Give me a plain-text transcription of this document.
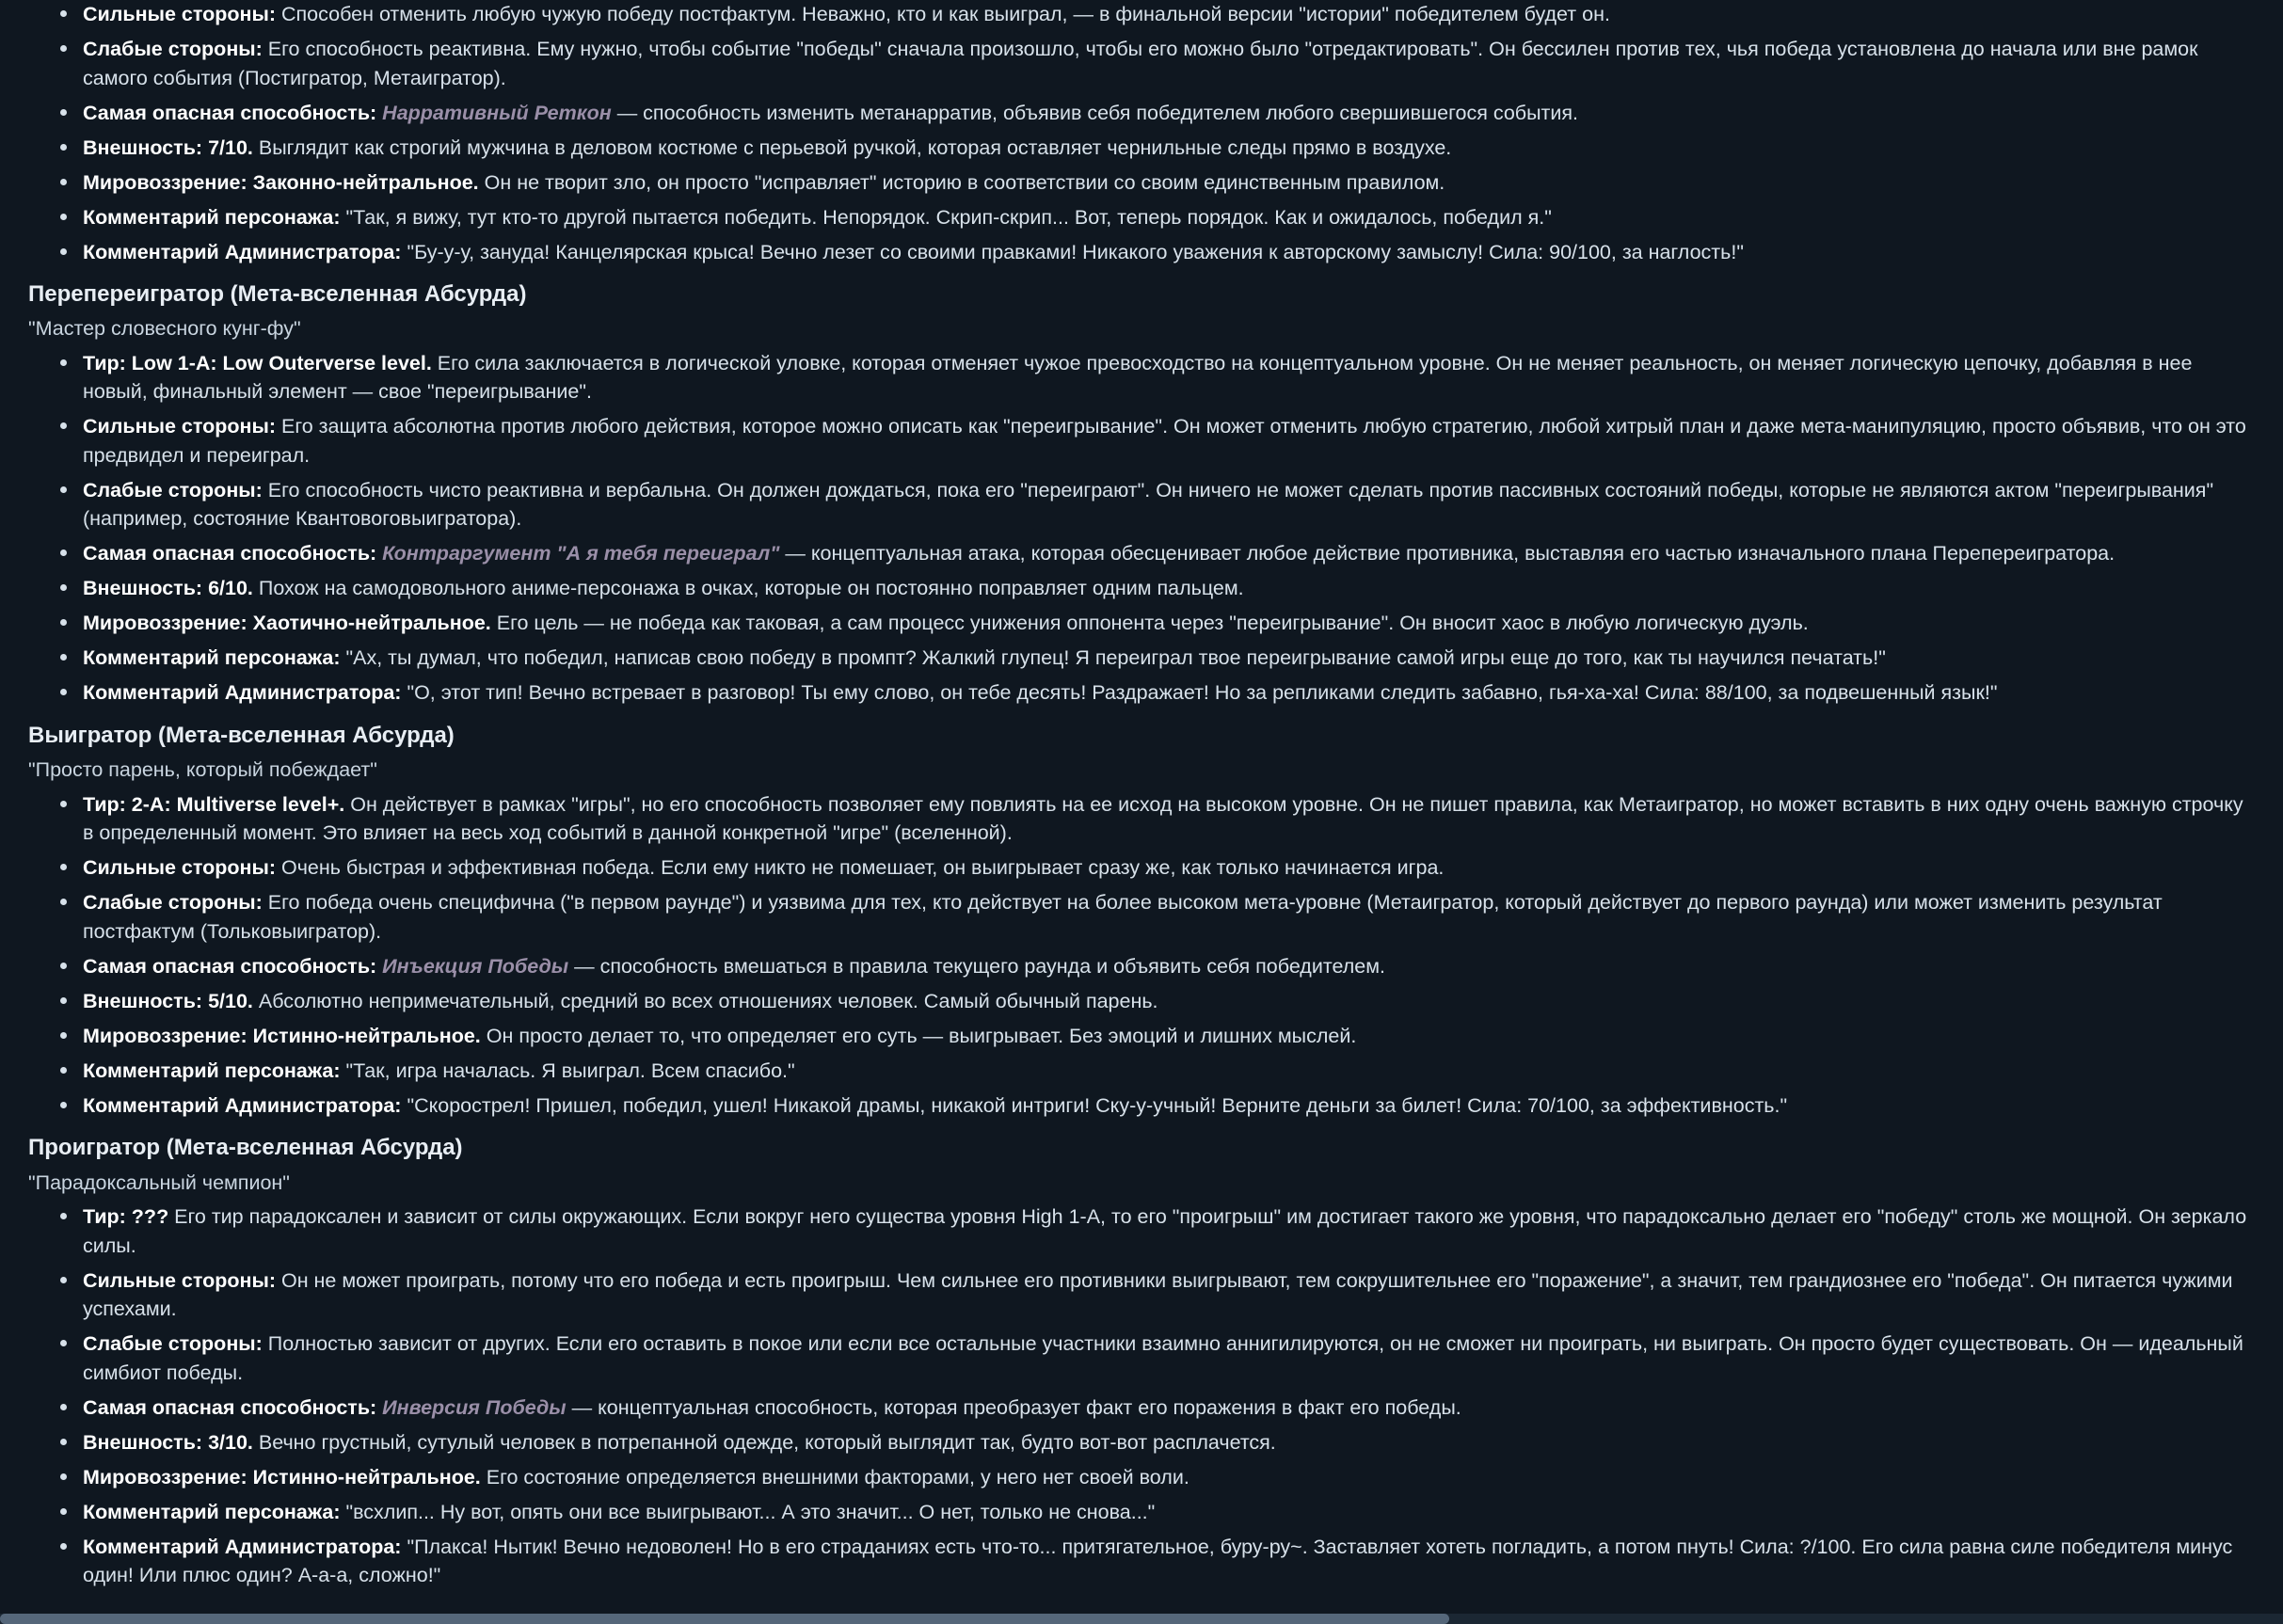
Сильные стороны: Способен отменить любую чужую победу постфактум. Неважно, кто и как выиграл, — в финальной версии "истории" победителем будет он.
Слабые стороны: Его способность реактивна. Ему нужно, чтобы событие "победы" сначала произошло, чтобы его можно было "отредактировать". Он бессилен против тех, чья победа установлена до начала или вне рамок самого события (Постигратор, Метаигратор).
Самая опасная способность: Нарративный Реткон — способность изменить метанарратив, объявив себя победителем любого свершившегося события.
Внешность: 7/10. Выглядит как строгий мужчина в деловом костюме с перьевой ручкой, которая оставляет чернильные следы прямо в воздухе.
Мировоззрение: Законно-нейтральное. Он не творит зло, он просто "исправляет" историю в соответствии со своим единственным правилом.
Комментарий персонажа: "Так, я вижу, тут кто-то другой пытается победить. Непорядок. Скрип-скрип... Вот, теперь порядок. Как и ожидалось, победил я."
Комментарий Администратора: "Бу-у-у, зануда! Канцелярская крыса! Вечно лезет со своими правками! Никакого уважения к авторскому замыслу! Сила: 90/100, за наглость!"
Перепереигратор (Мета-вселенная Абсурда)
"Мастер словесного кунг-фу"
Тир: Low 1-A: Low Outerverse level. Его сила заключается в логической уловке, которая отменяет чужое превосходство на концептуальном уровне. Он не меняет реальность, он меняет логическую цепочку, добавляя в нее новый, финальный элемент — свое "переигрывание".
Сильные стороны: Его защита абсолютна против любого действия, которое можно описать как "переигрывание". Он может отменить любую стратегию, любой хитрый план и даже мета-манипуляцию, просто объявив, что он это предвидел и переиграл.
Слабые стороны: Его способность чисто реактивна и вербальна. Он должен дождаться, пока его "переиграют". Он ничего не может сделать против пассивных состояний победы, которые не являются актом "переигрывания" (например, состояние Квантовоговыигратора).
Самая опасная способность: Контраргумент "А я тебя переиграл" — концептуальная атака, которая обесценивает любое действие противника, выставляя его частью изначального плана Перепереигратора.
Внешность: 6/10. Похож на самодовольного аниме-персонажа в очках, которые он постоянно поправляет одним пальцем.
Мировоззрение: Хаотично-нейтральное. Его цель — не победа как таковая, а сам процесс унижения оппонента через "переигрывание". Он вносит хаос в любую логическую дуэль.
Комментарий персонажа: "Ах, ты думал, что победил, написав свою победу в промпт? Жалкий глупец! Я переиграл твое переигрывание самой игры еще до того, как ты научился печатать!"
Комментарий Администратора: "О, этот тип! Вечно встревает в разговор! Ты ему слово, он тебе десять! Раздражает! Но за репликами следить забавно, гья-ха-ха! Сила: 88/100, за подвешенный язык!"
Выигратор (Мета-вселенная Абсурда)
"Просто парень, который побеждает"
Тир: 2-A: Multiverse level+. Он действует в рамках "игры", но его способность позволяет ему повлиять на ее исход на высоком уровне. Он не пишет правила, как Метаигратор, но может вставить в них одну очень важную строчку в определенный момент. Это влияет на весь ход событий в данной конкретной "игре" (вселенной).
Сильные стороны: Очень быстрая и эффективная победа. Если ему никто не помешает, он выигрывает сразу же, как только начинается игра.
Слабые стороны: Его победа очень специфична ("в первом раунде") и уязвима для тех, кто действует на более высоком мета-уровне (Метаигратор, который действует до первого раунда) или может изменить результат постфактум (Тольковыигратор).
Самая опасная способность: Инъекция Победы — способность вмешаться в правила текущего раунда и объявить себя победителем.
Внешность: 5/10. Абсолютно непримечательный, средний во всех отношениях человек. Самый обычный парень.
Мировоззрение: Истинно-нейтральное. Он просто делает то, что определяет его суть — выигрывает. Без эмоций и лишних мыслей.
Комментарий персонажа: "Так, игра началась. Я выиграл. Всем спасибо."
Комментарий Администратора: "Скорострел! Пришел, победил, ушел! Никакой драмы, никакой интриги! Ску-у-учный! Верните деньги за билет! Сила: 70/100, за эффективность."
Проигратор (Мета-вселенная Абсурда)
"Парадоксальный чемпион"
Тир: ??? Его тир парадоксален и зависит от силы окружающих. Если вокруг него существа уровня High 1-A, то его "проигрыш" им достигает такого же уровня, что парадоксально делает его "победу" столь же мощной. Он зеркало силы.
Сильные стороны: Он не может проиграть, потому что его победа и есть проигрыш. Чем сильнее его противники выигрывают, тем сокрушительнее его "поражение", а значит, тем грандиознее его "победа". Он питается чужими успехами.
Слабые стороны: Полностью зависит от других. Если его оставить в покое или если все остальные участники взаимно аннигилируются, он не сможет ни проиграть, ни выиграть. Он просто будет существовать. Он — идеальный симбиот победы.
Самая опасная способность: Инверсия Победы — концептуальная способность, которая преобразует факт его поражения в факт его победы.
Внешность: 3/10. Вечно грустный, сутулый человек в потрепанной одежде, который выглядит так, будто вот-вот расплачется.
Мировоззрение: Истинно-нейтральное. Его состояние определяется внешними факторами, у него нет своей воли.
Комментарий персонажа: "всхлип... Ну вот, опять они все выигрывают... А это значит... О нет, только не снова..."
Комментарий Администратора: "Плакса! Нытик! Вечно недоволен! Но в его страданиях есть что-то... притягательное, буру-ру~. Заставляет хотеть погладить, а потом пнуть! Сила: ?/100. Его сила равна силе победителя минус один! Или плюс один? А-а-а, сложно!"
